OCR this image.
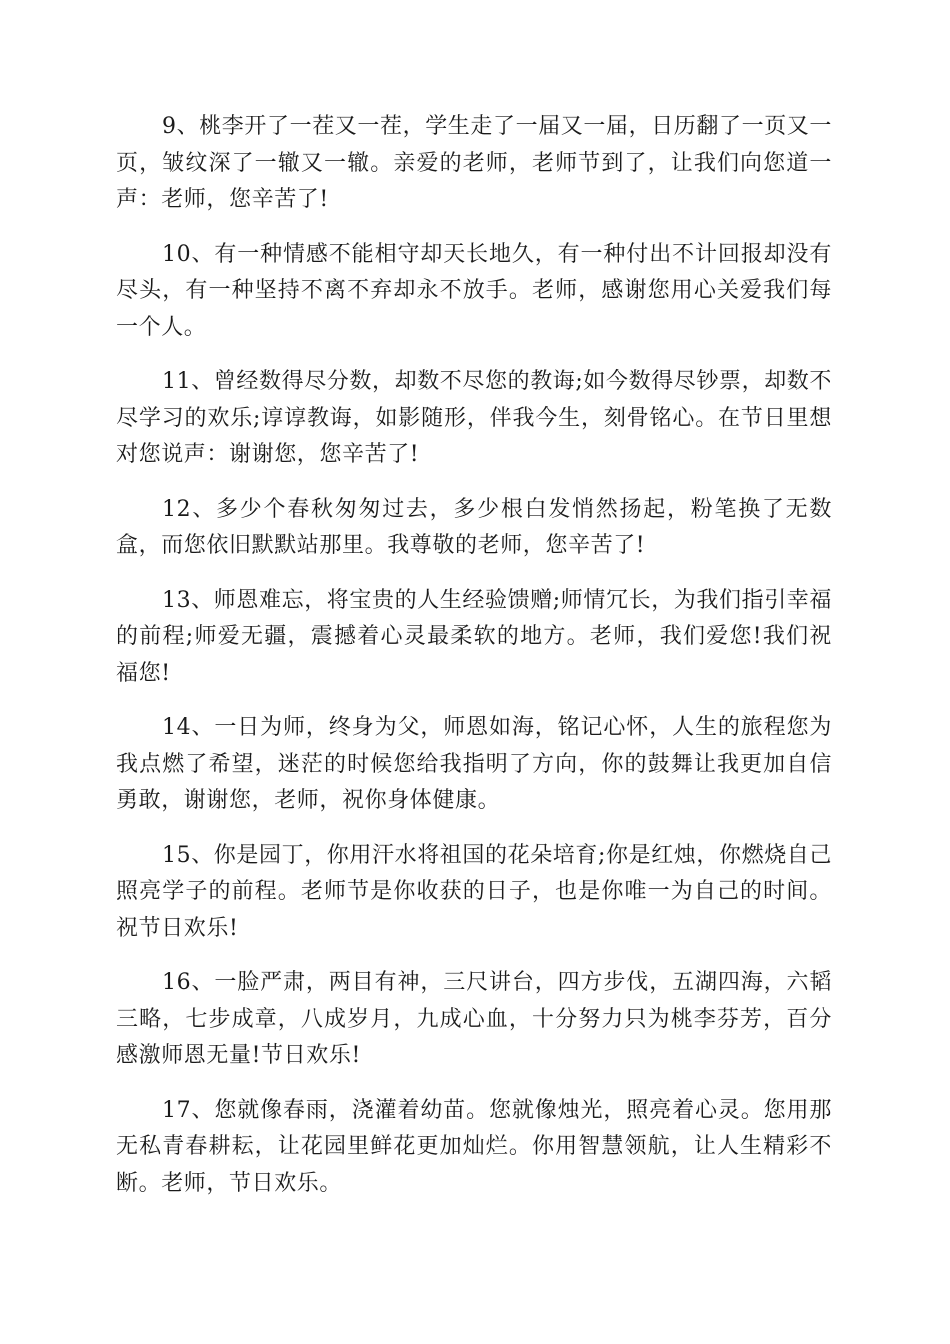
9、桃李开了一茬又一茬，学生走了一届又一届，日历翻了一页又一页，皱纹深了一辙又一辙。亲爱的老师，老师节到了，让我们向您道一声：老师，您辛苦了!

10、有一种情感不能相守却天长地久，有一种付出不计回报却没有尽头，有一种坚持不离不弃却永不放手。老师，感谢您用心关爱我们每一个人。

11、曾经数得尽分数，却数不尽您的教诲;如今数得尽钞票，却数不尽学习的欢乐;谆谆教诲，如影随形，伴我今生，刻骨铭心。在节日里想对您说声：谢谢您，您辛苦了!

12、多少个春秋匆匆过去，多少根白发悄然扬起，粉笔换了无数盒，而您依旧默默站那里。我尊敬的老师，您辛苦了!

13、师恩难忘，将宝贵的人生经验馈赠;师情冗长，为我们指引幸福的前程;师爱无疆，震撼着心灵最柔软的地方。老师，我们爱您!我们祝福您!

14、一日为师，终身为父，师恩如海，铭记心怀，人生的旅程您为我点燃了希望，迷茫的时候您给我指明了方向，你的鼓舞让我更加自信勇敢，谢谢您，老师，祝你身体健康。

15、你是园丁，你用汗水将祖国的花朵培育;你是红烛，你燃烧自己照亮学子的前程。老师节是你收获的日子，也是你唯一为自己的时间。祝节日欢乐!

16、一脸严肃，两目有神，三尺讲台，四方步伐，五湖四海，六韬三略，七步成章，八成岁月，九成心血，十分努力只为桃李芬芳，百分感激师恩无量!节日欢乐!

17、您就像春雨，浇灌着幼苗。您就像烛光，照亮着心灵。您用那无私青春耕耘，让花园里鲜花更加灿烂。你用智慧领航，让人生精彩不断。老师，节日欢乐。
